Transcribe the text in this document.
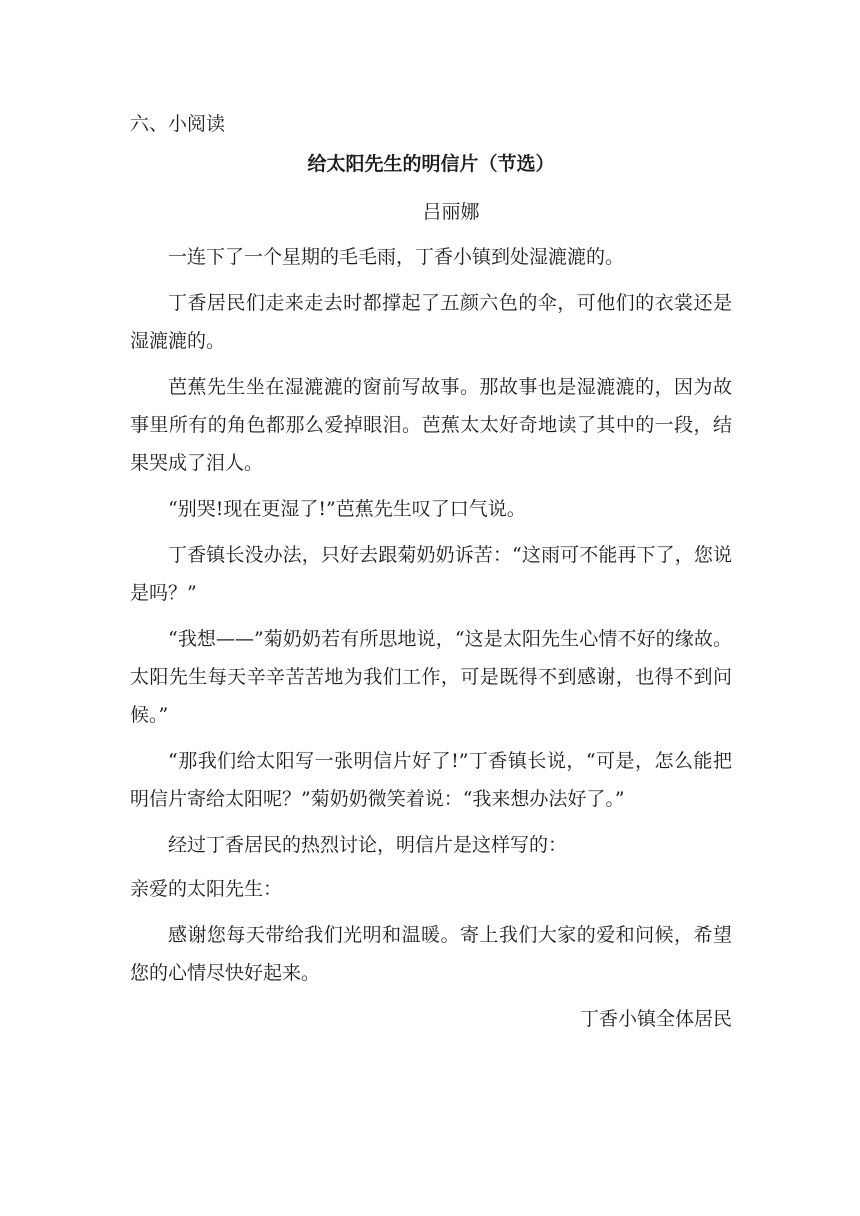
六、小阅读
给太阳先生的明信片（节选）
吕丽娜

一连下了一个星期的毛毛雨，丁香小镇到处湿漉漉的。

丁香居民们走来走去时都撑起了五颜六色的伞，可他们的衣裳还是湿漉漉的。

芭蕉先生坐在湿漉漉的窗前写故事。那故事也是湿漉漉的，因为故事里所有的角色都那么爱掉眼泪。芭蕉太太好奇地读了其中的一段，结果哭成了泪人。

“别哭!现在更湿了!”芭蕉先生叹了口气说。

丁香镇长没办法，只好去跟菊奶奶诉苦：“这雨可不能再下了，您说是吗？”

“我想——”菊奶奶若有所思地说，“这是太阳先生心情不好的缘故。太阳先生每天辛辛苦苦地为我们工作，可是既得不到感谢，也得不到问候。”

“那我们给太阳写一张明信片好了!”丁香镇长说，“可是，怎么能把明信片寄给太阳呢？”菊奶奶微笑着说：“我来想办法好了。”

经过丁香居民的热烈讨论，明信片是这样写的：

亲爱的太阳先生：

感谢您每天带给我们光明和温暖。寄上我们大家的爱和问候，希望您的心情尽快好起来。

丁香小镇全体居民
